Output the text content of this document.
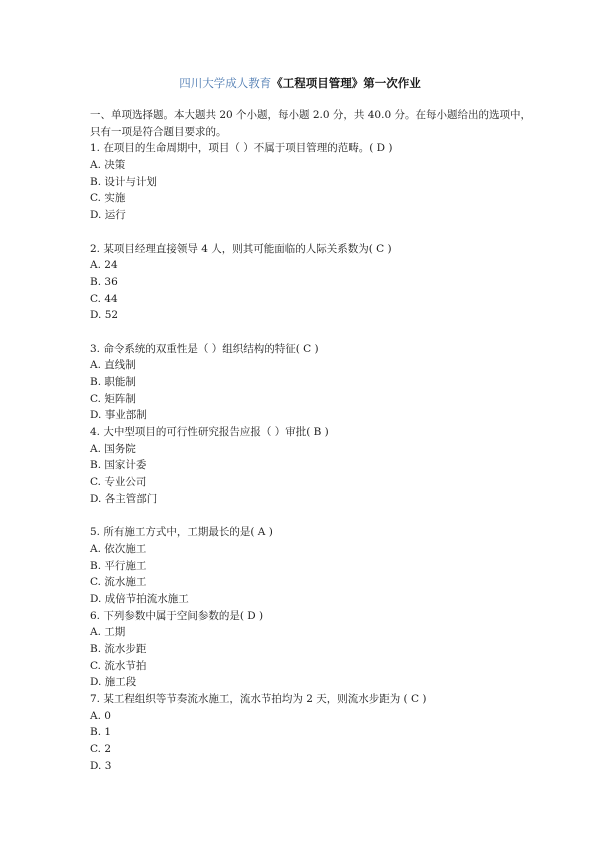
四川大学成人教育《工程项目管理》第一次作业
一、单项选择题。本大题共 20 个小题，每小题 2.0 分，共 40.0 分。在每小题给出的选项中，
只有一项是符合题目要求的。
1. 在项目的生命周期中，项目（ ）不属于项目管理的范畴。( D )
A. 决策
B. 设计与计划
C. 实施
D. 运行
2. 某项目经理直接领导 4 人，则其可能面临的人际关系数为( C )
A. 24
B. 36
C. 44
D. 52
3. 命令系统的双重性是（ ）组织结构的特征( C )
A. 直线制
B. 职能制
C. 矩阵制
D. 事业部制
4. 大中型项目的可行性研究报告应报（ ）审批( B )
A. 国务院
B. 国家计委
C. 专业公司
D. 各主管部门
5. 所有施工方式中，工期最长的是( A )
A. 依次施工
B. 平行施工
C. 流水施工
D. 成倍节拍流水施工
6. 下列参数中属于空间参数的是( D )
A. 工期
B. 流水步距
C. 流水节拍
D. 施工段
7. 某工程组织等节奏流水施工，流水节拍均为 2 天，则流水步距为 ( C )
A. 0
B. 1
C. 2
D. 3
